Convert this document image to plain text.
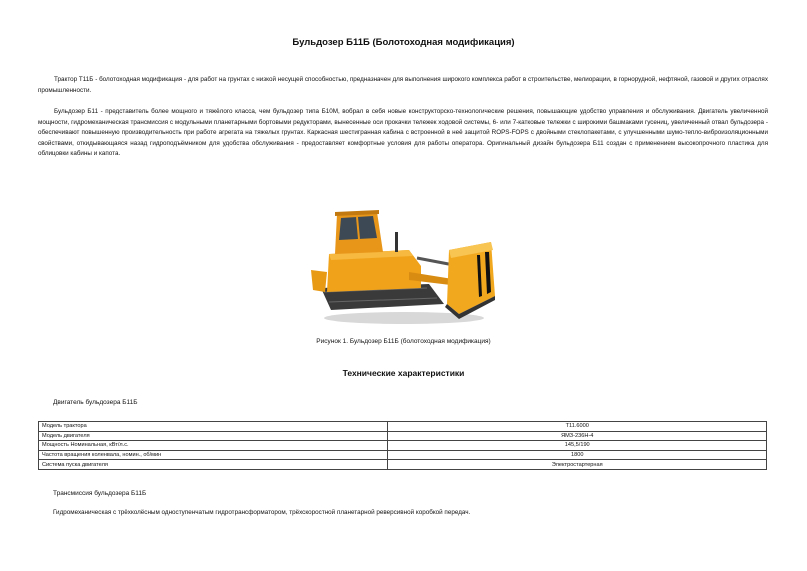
Бульдозер Б11Б (Болотоходная модификация)

Трактор Т11Б - болотоходная модификация - для работ на грунтах с низкой несущей способностью, предназначен для выполнения широкого комплекса работ в строительстве, мелиорации, в горнорудной, нефтяной, газовой и других отраслях промышленности.

Бульдозер Б11 - представитель более мощного и тяжёлого класса, чем бульдозер типа Б10М, вобрал в себя новые конструкторско-технологические решения, повышающие удобство управления и обслуживания. Двигатель увеличенной мощности, гидромеханическая трансмиссия с модульными планетарными бортовыми редукторами, вынесенные оси прокачки тележек ходовой системы, 6- или 7-катковые тележки с широкими башмаками гусениц, увеличенный отвал бульдозера - обеспечивают повышенную производительность при работе агрегата на тяжелых грунтах. Каркасная шестигранная кабина с встроенной в неё защитой ROPS-FOPS с двойными стеклопакетами, с улучшенными шумо-тепло-виброизоляционными свойствами, откидывающаяся назад гидроподъёмником для удобства обслуживания - предоставляет комфортные условия для работы оператора. Оригинальный дизайн бульдозера Б11 создан с применением высокопрочного пластика для облицовки кабины и капота.

Рисунок 1. Бульдозер Б11Б (болотоходная модификация)
Технические характеристики
Двигатель бульдозера Б11Б
Модель трактора	Т11.6000
Модель двигателя	ЯМЗ-236Н-4
Мощность Номинальная, кВт/л.с.	145,5/190
Частота вращения коленвала, номин., об/мин	1800
Система пуска двигателя	Электростартерная
Трансмиссия бульдозера Б11Б
Гидромеханическая с трёхколёсным одноступенчатым гидротрансформатором, трёхскоростной планетарной реверсивной коробкой передач.
